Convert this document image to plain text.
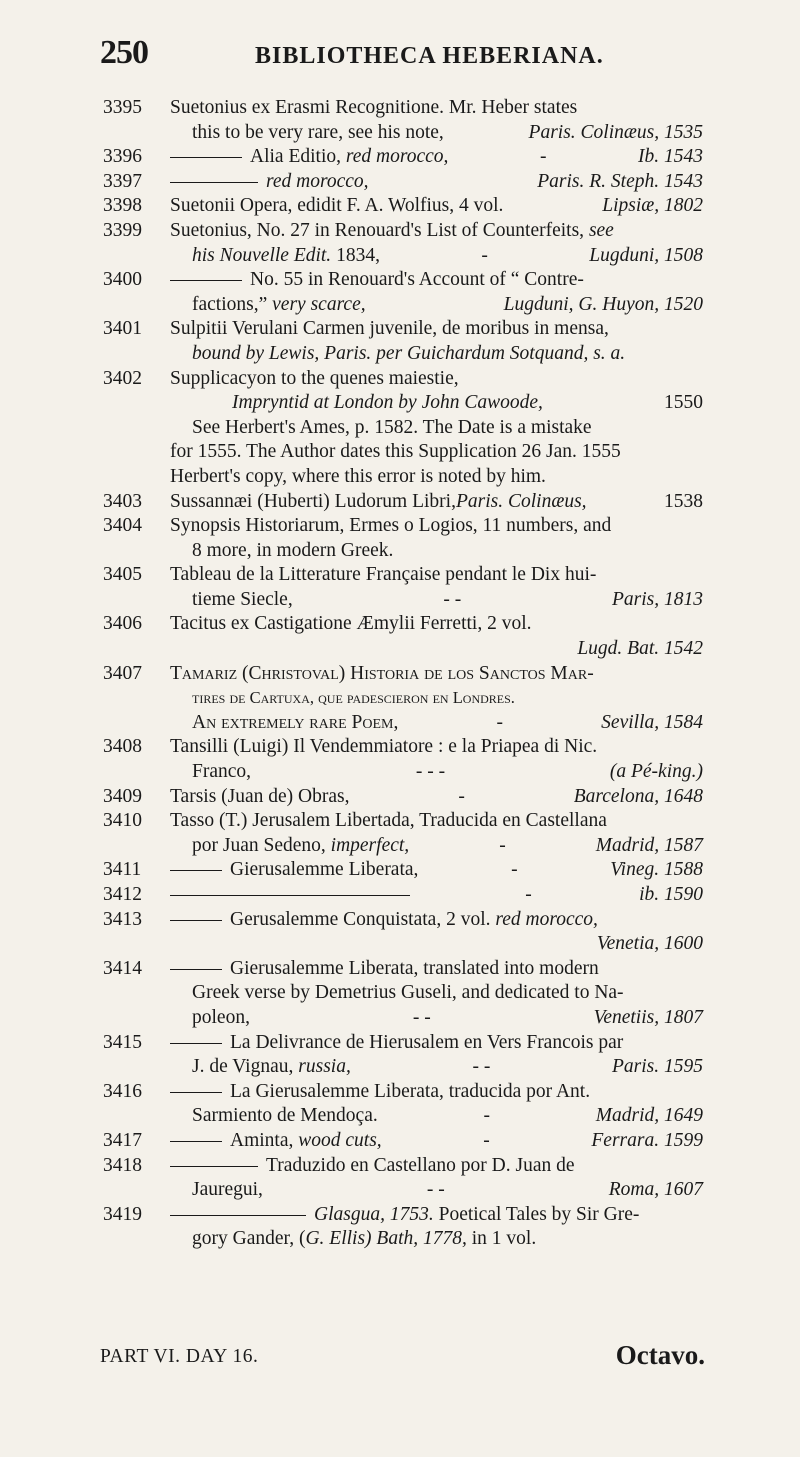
250	BIBLIOTHECA HEBERIANA.
3395	Suetonius ex Erasmi Recognitione. Mr. Heber states
this to be very rare, see his note,	Paris. Colinæus, 1535
3396	Alia Editio, red morocco,	-	Ib. 1543
3397	red morocco,	Paris. R. Steph. 1543
3398	Suetonii Opera, edidit F. A. Wolfius, 4 vol.	Lipsiæ, 1802
3399	Suetonius, No. 27 in Renouard's List of Counterfeits, see
his Nouvelle Edit. 1834,	-	Lugduni, 1508
3400	No. 55 in Renouard's Account of “ Contre-
factions,” very scarce,	Lugduni, G. Huyon, 1520
3401	Sulpitii Verulani Carmen juvenile, de moribus in mensa,
bound by Lewis, Paris. per Guichardum Sotquand, s. a.
3402	Supplicacyon to the quenes maiestie,
Impryntid at London by John Cawoode,	1550
See Herbert's Ames, p. 1582. The Date is a mistake
for 1555. The Author dates this Supplication 26 Jan. 1555
Herbert's copy, where this error is noted by him.
3403	Sussannæi (Huberti) Ludorum Libri,Paris. Colinæus,	1538
3404	Synopsis Historiarum, Ermes o Logios, 11 numbers, and
8 more, in modern Greek.
3405	Tableau de la Litterature Française pendant le Dix hui-
tieme Siecle,	- -	Paris, 1813
3406	Tacitus ex Castigatione Æmylii Ferretti, 2 vol.
Lugd. Bat. 1542
3407	Tamariz (Christoval) Historia de los Sanctos Mar-
tires de Cartuxa, que padescieron en Londres.
An extremely rare Poem,	-	Sevilla, 1584
3408	Tansilli (Luigi) Il Vendemmiatore : e la Priapea di Nic.
Franco,	- - -	(a Pé-king.)
3409	Tarsis (Juan de) Obras,	-	Barcelona, 1648
3410	Tasso (T.) Jerusalem Libertada, Traducida en Castellana
por Juan Sedeno, imperfect,	-	Madrid, 1587
3411	Gierusalemme Liberata,	-	Vineg. 1588
3412	-	ib. 1590
3413	Gerusalemme Conquistata, 2 vol. red morocco,
Venetia, 1600
3414	Gierusalemme Liberata, translated into modern
Greek verse by Demetrius Guseli, and dedicated to Na-
poleon,	- -	Venetiis, 1807
3415	La Delivrance de Hierusalem en Vers Francois par
J. de Vignau, russia,	- -	Paris. 1595
3416	La Gierusalemme Liberata, traducida por Ant.
Sarmiento de Mendoça.	-	Madrid, 1649
3417	Aminta, wood cuts,	-	Ferrara. 1599
3418	Traduzido en Castellano por D. Juan de
Jauregui,	- -	Roma, 1607
3419	Glasgua, 1753. Poetical Tales by Sir Gre-
gory Gander, (G. Ellis) Bath, 1778, in 1 vol.
PART VI. DAY 16.	Octavo.
